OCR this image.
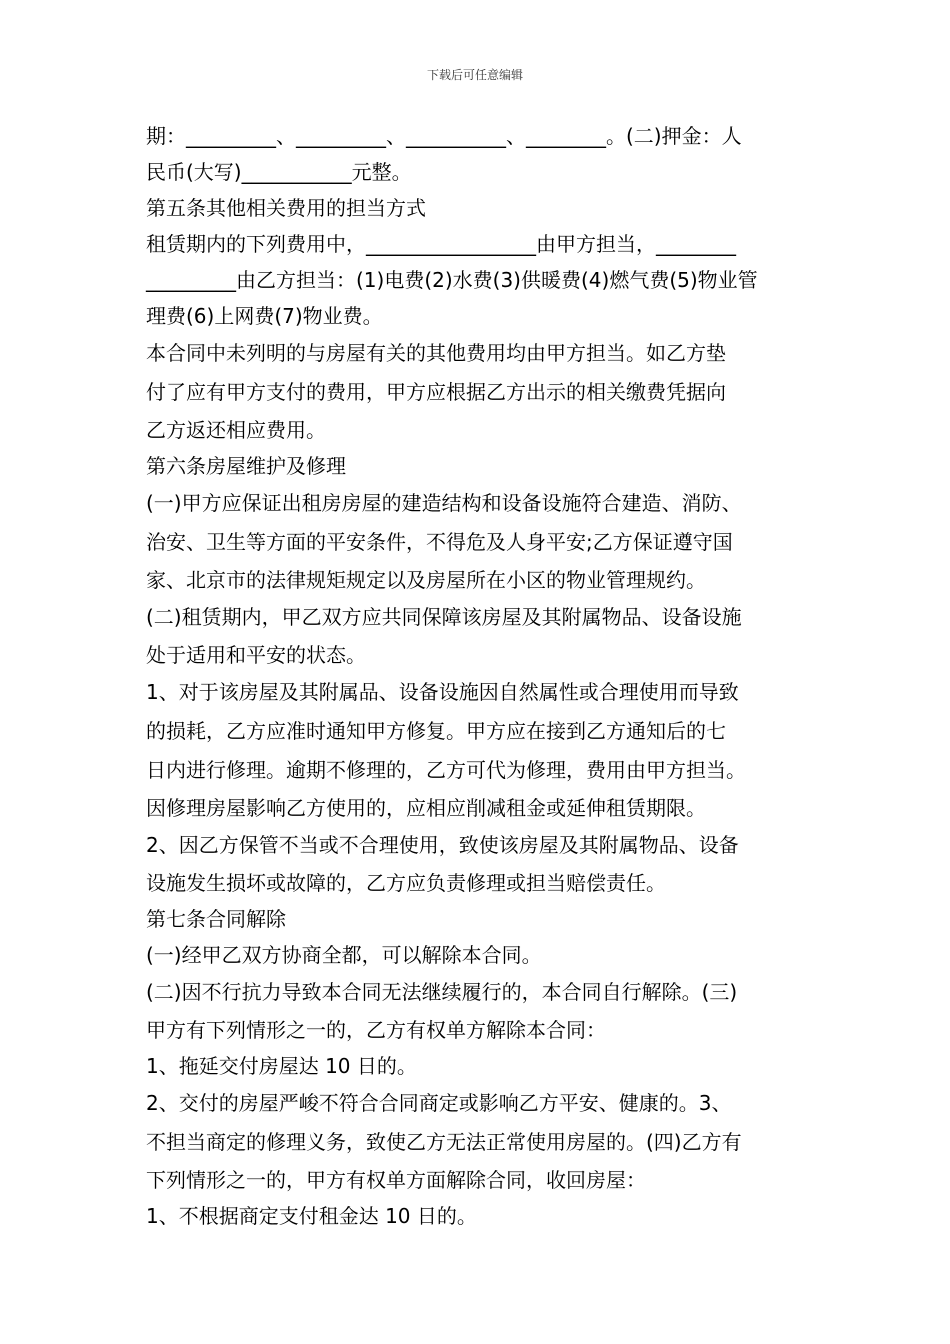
下载后可任意编辑
期：_________、_________、__________、________。(二)押金：人
民币(大写)___________元整。
第五条其他相关费用的担当方式
租赁期内的下列费用中，_________________由甲方担当，________
_________由乙方担当：(1)电费(2)水费(3)供暖费(4)燃气费(5)物业管
理费(6)上网费(7)物业费。
本合同中未列明的与房屋有关的其他费用均由甲方担当。如乙方垫
付了应有甲方支付的费用，甲方应根据乙方出示的相关缴费凭据向
乙方返还相应费用。
第六条房屋维护及修理
(一)甲方应保证出租房房屋的建造结构和设备设施符合建造、消防、
治安、卫生等方面的平安条件，不得危及人身平安;乙方保证遵守国
家、北京市的法律规矩规定以及房屋所在小区的物业管理规约。
(二)租赁期内，甲乙双方应共同保障该房屋及其附属物品、设备设施
处于适用和平安的状态。
1、对于该房屋及其附属品、设备设施因自然属性或合理使用而导致
的损耗，乙方应准时通知甲方修复。甲方应在接到乙方通知后的七
日内进行修理。逾期不修理的，乙方可代为修理，费用由甲方担当。
因修理房屋影响乙方使用的，应相应削减租金或延伸租赁期限。
2、因乙方保管不当或不合理使用，致使该房屋及其附属物品、设备
设施发生损坏或故障的，乙方应负责修理或担当赔偿责任。
第七条合同解除
(一)经甲乙双方协商全都，可以解除本合同。
(二)因不行抗力导致本合同无法继续履行的，本合同自行解除。(三)
甲方有下列情形之一的，乙方有权单方解除本合同：
1、拖延交付房屋达 10 日的。
2、交付的房屋严峻不符合合同商定或影响乙方平安、健康的。3、
不担当商定的修理义务，致使乙方无法正常使用房屋的。(四)乙方有
下列情形之一的，甲方有权单方面解除合同，收回房屋：
1、不根据商定支付租金达 10 日的。
